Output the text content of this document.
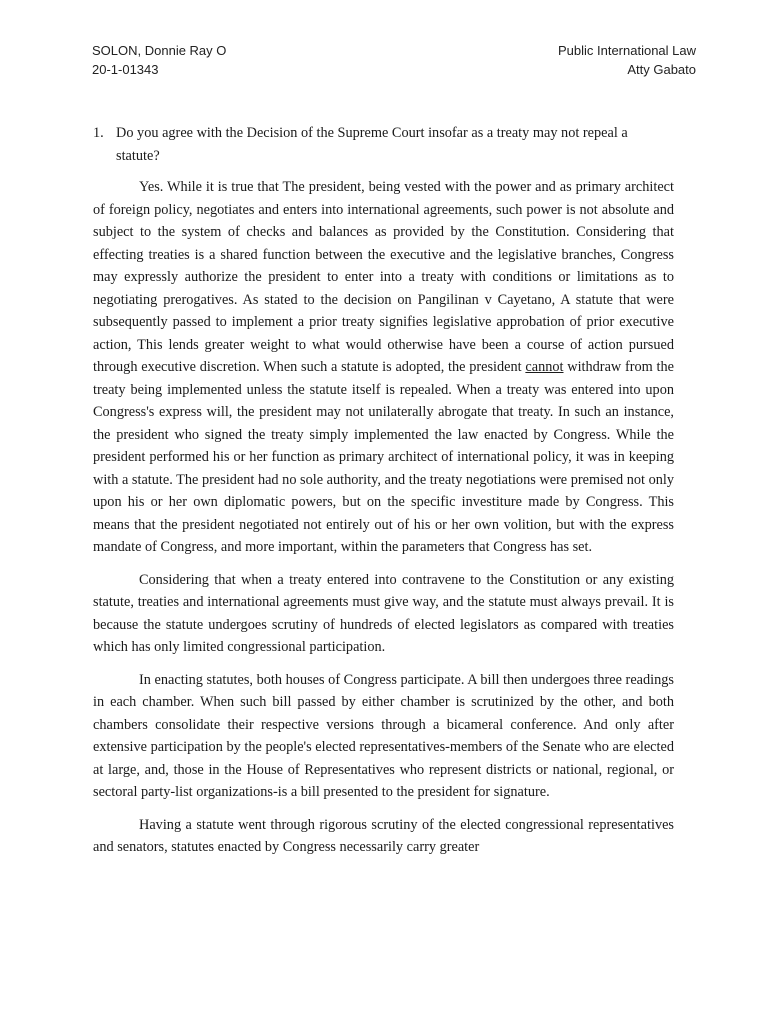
SOLON, Donnie Ray O
20-1-01343
Public International Law
Atty Gabato
1. Do you agree with the Decision of the Supreme Court insofar as a treaty may not repeal a statute?

Yes. While it is true that The president, being vested with the power and as primary architect of foreign policy, negotiates and enters into international agreements, such power is not absolute and subject to the system of checks and balances as provided by the Constitution. Considering that effecting treaties is a shared function between the executive and the legislative branches, Congress may expressly authorize the president to enter into a treaty with conditions or limitations as to negotiating prerogatives. As stated to the decision on Pangilinan v Cayetano, A statute that were subsequently passed to implement a prior treaty signifies legislative approbation of prior executive action, This lends greater weight to what would otherwise have been a course of action pursued through executive discretion. When such a statute is adopted, the president cannot withdraw from the treaty being implemented unless the statute itself is repealed. When a treaty was entered into upon Congress's express will, the president may not unilaterally abrogate that treaty. In such an instance, the president who signed the treaty simply implemented the law enacted by Congress. While the president performed his or her function as primary architect of international policy, it was in keeping with a statute. The president had no sole authority, and the treaty negotiations were premised not only upon his or her own diplomatic powers, but on the specific investiture made by Congress. This means that the president negotiated not entirely out of his or her own volition, but with the express mandate of Congress, and more important, within the parameters that Congress has set.

Considering that when a treaty entered into contravene to the Constitution or any existing statute, treaties and international agreements must give way, and the statute must always prevail. It is because the statute undergoes scrutiny of hundreds of elected legislators as compared with treaties which has only limited congressional participation.

In enacting statutes, both houses of Congress participate. A bill then undergoes three readings in each chamber. When such bill passed by either chamber is scrutinized by the other, and both chambers consolidate their respective versions through a bicameral conference. And only after extensive participation by the people's elected representatives-members of the Senate who are elected at large, and, those in the House of Representatives who represent districts or national, regional, or sectoral party-list organizations-is a bill presented to the president for signature.

Having a statute went through rigorous scrutiny of the elected congressional representatives and senators, statutes enacted by Congress necessarily carry greater
